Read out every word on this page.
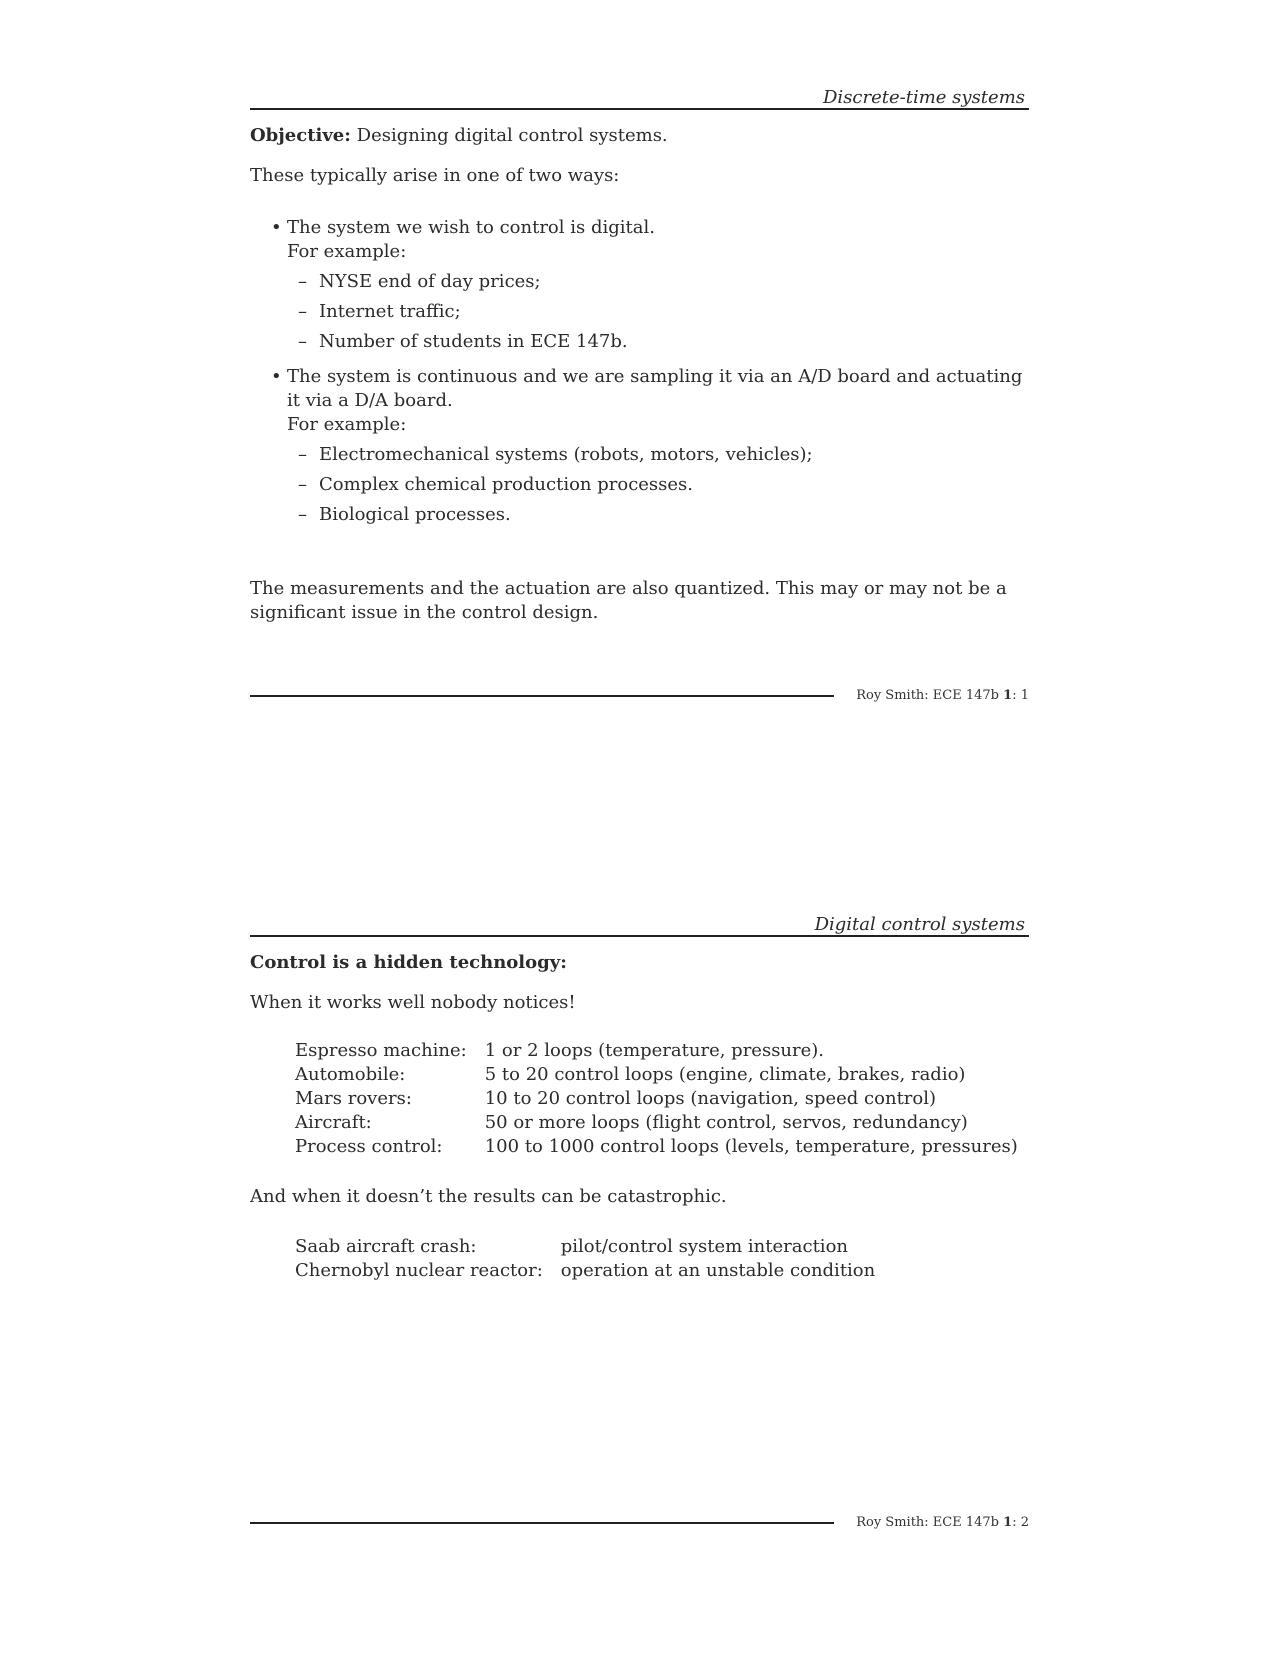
Discrete-time systems

Objective: Designing digital control systems.

These typically arise in one of two ways:

• The system we wish to control is digital.
For example:
– NYSE end of day prices;
– Internet traffic;
– Number of students in ECE 147b.
• The system is continuous and we are sampling it via an A/D board and actuating it via a D/A board.
For example:
– Electromechanical systems (robots, motors, vehicles);
– Complex chemical production processes.
– Biological processes.

The measurements and the actuation are also quantized. This may or may not be a significant issue in the control design.

Roy Smith: ECE 147b 1: 1
Digital control systems

Control is a hidden technology:

When it works well nobody notices!

Espresso machine:	1 or 2 loops (temperature, pressure).
Automobile:	5 to 20 control loops (engine, climate, brakes, radio)
Mars rovers:	10 to 20 control loops (navigation, speed control)
Aircraft:	50 or more loops (flight control, servos, redundancy)
Process control:	100 to 1000 control loops (levels, temperature, pressures)

And when it doesn’t the results can be catastrophic.

Saab aircraft crash:	pilot/control system interaction
Chernobyl nuclear reactor:	operation at an unstable condition
Roy Smith: ECE 147b 1: 2
